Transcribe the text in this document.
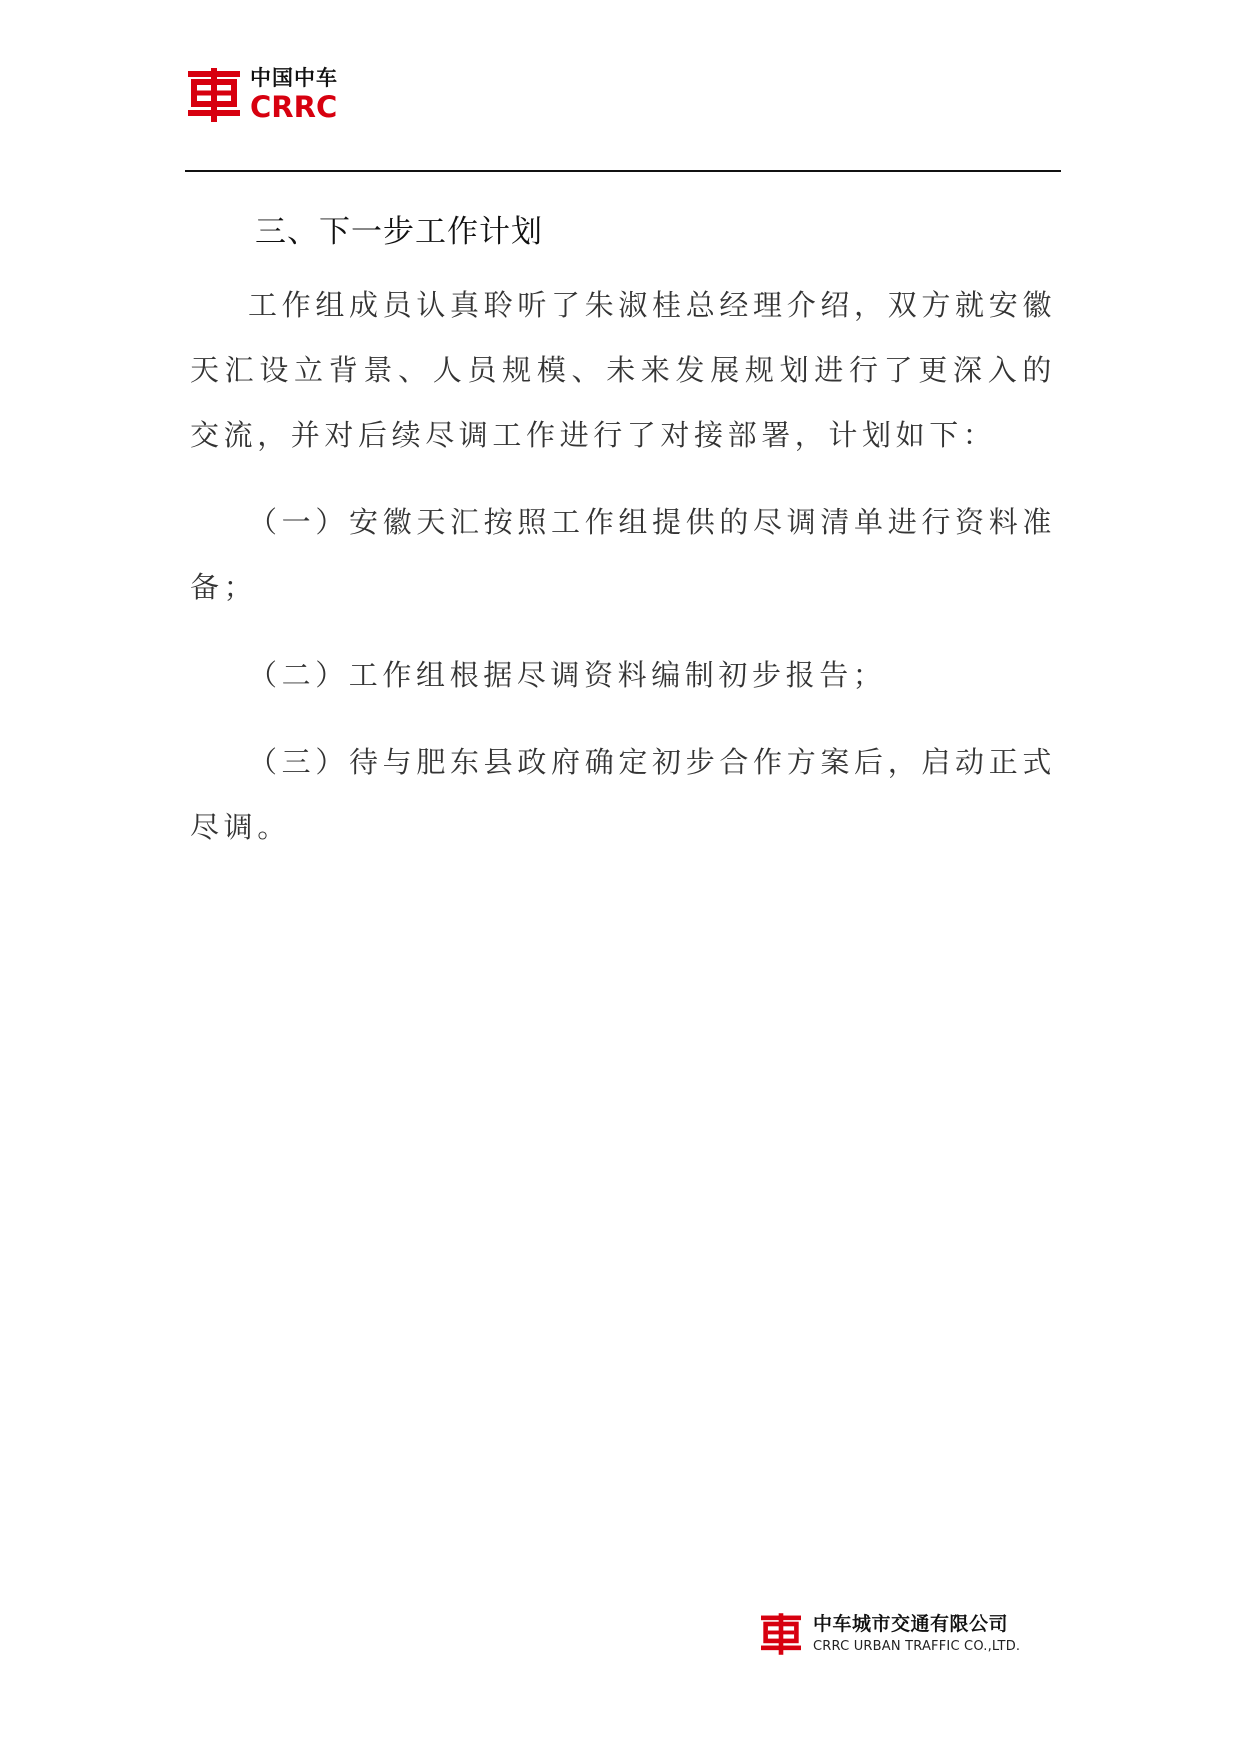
中国中车
CRRC
三、下一步工作计划

工作组成员认真聆听了朱淑桂总经理介绍，双方就安徽天汇设立背景、人员规模、未来发展规划进行了更深入的交流，并对后续尽调工作进行了对接部署，计划如下：

（一）安徽天汇按照工作组提供的尽调清单进行资料准备；

（二）工作组根据尽调资料编制初步报告；

（三）待与肥东县政府确定初步合作方案后，启动正式尽调。

中车城市交通有限公司
CRRC URBAN TRAFFIC CO.,LTD.
